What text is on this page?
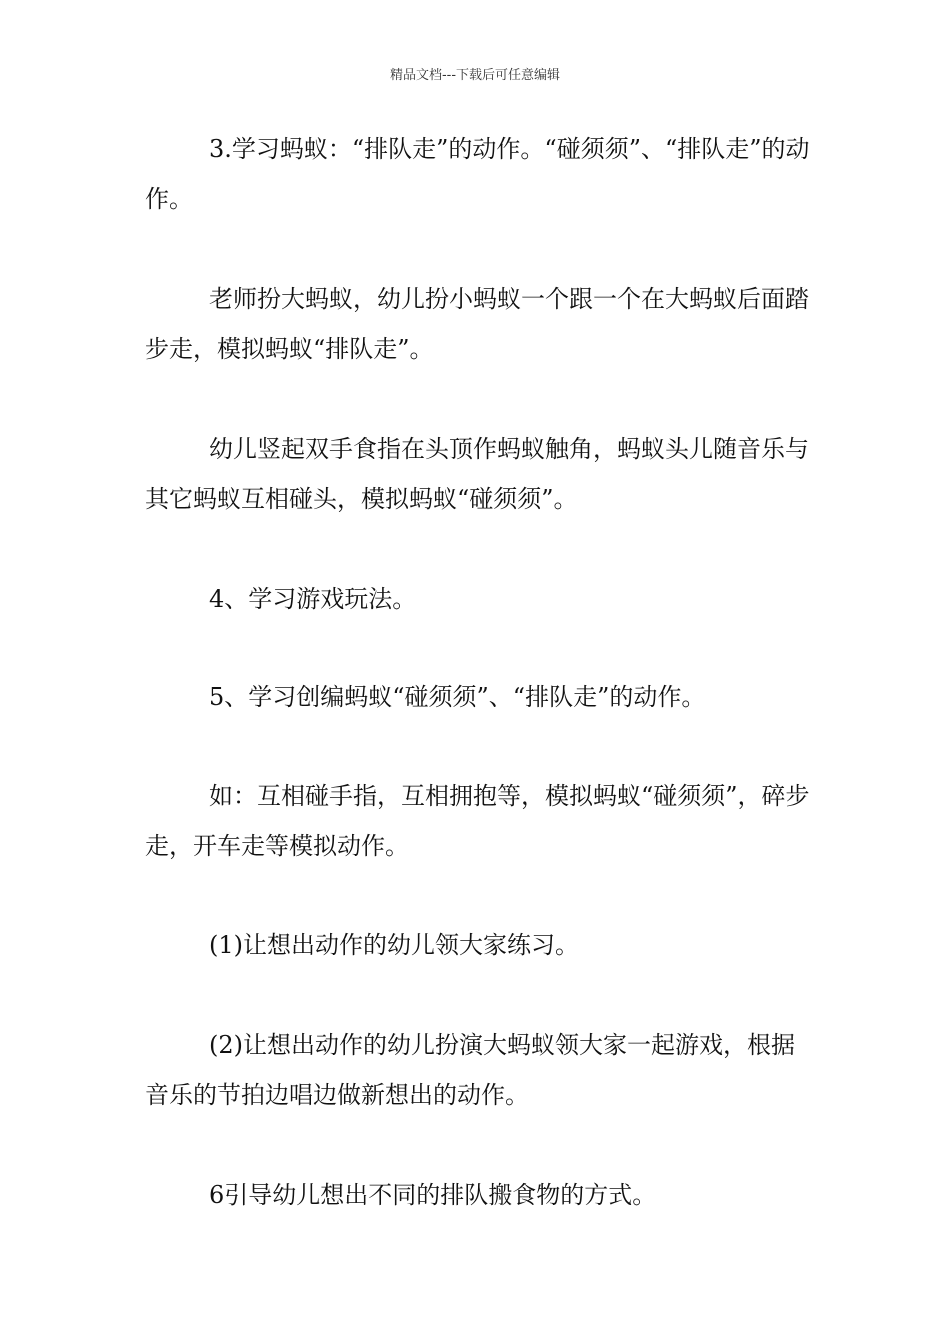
精品文档---下载后可任意编辑

3.学习蚂蚁：“排队走”的动作。“碰须须”、“排队走”的动作。

老师扮大蚂蚁，幼儿扮小蚂蚁一个跟一个在大蚂蚁后面踏步走，模拟蚂蚁“排队走”。

幼儿竖起双手食指在头顶作蚂蚁触角，蚂蚁头儿随音乐与其它蚂蚁互相碰头，模拟蚂蚁“碰须须”。

4、学习游戏玩法。

5、学习创编蚂蚁“碰须须”、“排队走”的动作。

如：互相碰手指，互相拥抱等，模拟蚂蚁“碰须须”，碎步走，开车走等模拟动作。

(1)让想出动作的幼儿领大家练习。

(2)让想出动作的幼儿扮演大蚂蚁领大家一起游戏，根据音乐的节拍边唱边做新想出的动作。

6引导幼儿想出不同的排队搬食物的方式。
